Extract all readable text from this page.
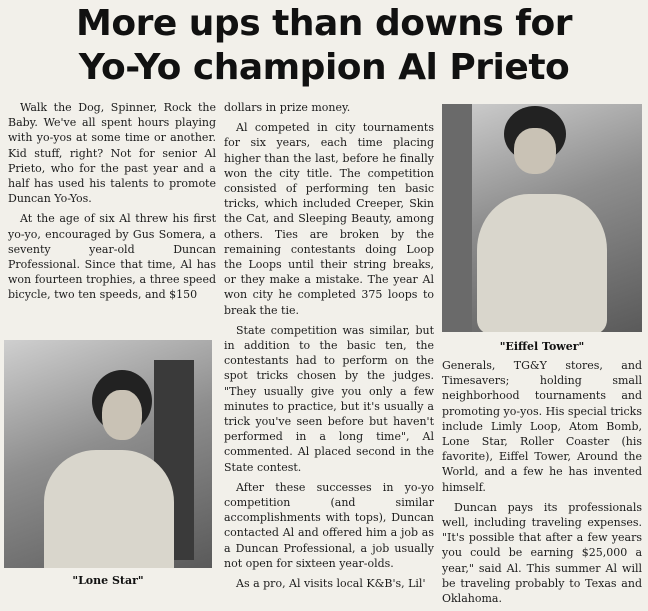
More ups than downs for
Yo-Yo champion Al Prieto

Walk the Dog, Spinner, Rock the Baby. We've all spent hours playing with yo-yos at some time or another. Kid stuff, right? Not for senior Al Prieto, who for the past year and a half has used his talents to promote Duncan Yo-Yos.

At the age of six Al threw his first yo-yo, encouraged by Gus Somera, a seventy year-old Duncan Professional. Since that time, Al has won fourteen trophies, a three speed bicycle, two ten speeds, and $150

"Lone Star"

dollars in prize money.

Al competed in city tournaments for six years, each time placing higher than the last, before he finally won the city title. The competition consisted of performing ten basic tricks, which included Creeper, Skin the Cat, and Sleeping Beauty, among others. Ties are broken by the remaining contestants doing Loop the Loops until their string breaks, or they make a mistake. The year Al won city he completed 375 loops to break the tie.

State competition was similar, but in addition to the basic ten, the contestants had to perform on the spot tricks chosen by the judges. "They usually give you only a few minutes to practice, but it's usually a trick you've seen before but haven't performed in a long time", Al commented. Al placed second in the State contest.

After these successes in yo-yo competition (and similar accomplishments with tops), Duncan contacted Al and offered him a job as a Duncan Professional, a job usually not open for sixteen year-olds.

As a pro, Al visits local K&B's, Lil'

"Eiffel Tower"

Generals, TG&Y stores, and Timesavers; holding small neighborhood tournaments and promoting yo-yos. His special tricks include Limly Loop, Atom Bomb, Lone Star, Roller Coaster (his favorite), Eiffel Tower, Around the World, and a few he has invented himself.

Duncan pays its professionals well, including traveling expenses. "It's possible that after a few years you could be earning $25,000 a year," said Al. This summer Al will be traveling probably to Texas and Oklahoma.
